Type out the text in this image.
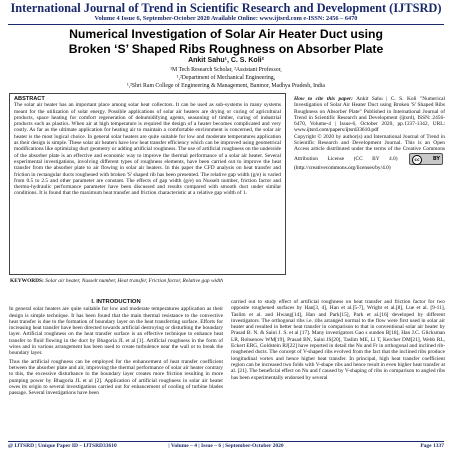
International Journal of Trend in Scientific Research and Development (IJTSRD)
Volume 4 Issue 6, September-October 2020 Available Online: www.ijtsrd.com e-ISSN: 2456 – 6470
Numerical Investigation of Solar Air Heater Duct using
Broken ‘S’ Shaped Ribs Roughness on Absorber Plate
Ankit Sahu¹, C. S. Koli²
¹M Tech Research Scholar, ²Assistant Professor,
¹,²Department of Mechanical Engineering,
¹,²Shri Ram College of Engineering & Management, Banmor, Madhya Pradesh, India
ABSTRACT
The solar air heater has an important place among solar heat collectors. It can be used as sub-systems in many systems meant for the utilization of solar energy. Possible applications of solar air heaters are drying or curing of agricultural products, space heating for comfort regeneration of dehumidifying agents, seasoning of timber, curing of industrial products such as plastics. When air at high temperature is required the design of a heater becomes complicated and very costly. As far as the ultimate application for heating air to maintain a comfortable environment is concerned, the solar air heater is the most logical choice. In general solar heaters are quite suitable for low and moderate temperatures application as their design is simple. These solar air heaters have low heat transfer efficiency which can be improved using geometrical modifications like optimizing duct geometry or adding artificial roughness. The use of artificial roughness on the underside of the absorber plate is an effective and economic way to improve the thermal performance of a solar air heater. Several experimental investigations, involving different types of roughness elements, have been carried out to improve the heat transfer from the absorber plate to air flowing in solar air heaters. In this paper the CFD analysis on heat transfer and friction in rectangular ducts roughened with broken 'S' shaped rib has been presented. The relative gap width (g/e) is varied from 0.5 to 2.5 and other parameter are constant. The effects of gap width (g/e) on Nusselt number, friction factor and thermo-hydraulic performance parameter have been discussed and results compared with smooth duct under similar conditions. It is found that the maximum heat transfer and friction characteristic at a relative gap width of 1.
KEYWORDS: Solar air heater, Nusselt number, Heat transfer, Friction factor, Relative gap width
How to cite this paper: Ankit Sahu | C. S. Koli "Numerical Investigation of Solar Air Heater Duct using Broken 'S' Shaped Ribs Roughness on Absorber Plate" Published in International Journal of Trend in Scientific Research and Development (ijtsrd), ISSN: 2456-6470, Volume-4 | Issue-6, October 2020, pp.1337-1342, URL: www.ijtsrd.com/papers/ijtsrd33610.pdf
Copyright © 2020 by author(s) and International Journal of Trend in Scientific Research and Development Journal. This is an Open Access article distributed under the terms of the Creative Commons Attribution License (CC BY 4.0)	cc	BY
(http://creativecommons.org/licenses/by/4.0)
I. INTRODUCTION

In general solar heaters are quite suitable for low and moderate temperatures application as their design is simple technique. It has been found that the main thermal resistance to the convective heat transfer is due to the formation of boundary layer on the heat transferring surface. Efforts for increasing heat transfer have been directed towards artificial destroying or disturbing the boundary layer. Artificial roughness on the heat transfer surface is an effective technique to enhance heat transfer to fluid flowing in the duct by Bhagoria JL et al [1]. Artificial roughness in the form of wires and in various arrangement has been used to create turbulence near the wall or to break the boundary layer.

Thus the artificial roughness can be employed for the enhancement of heat transfer coefficient between the absorber plate and air, improving the thermal performance of solar air heater contrary to this, the excessive disturbance to the boundary layer creates more friction resulting in more pumping power by Bhagoria JL et al [2]. Application of artificial roughness in solar air heater owes its origin to several investigations carried out for enhancement of cooling of turbine blades passage. Several investigations have been

carried out to study effect of artificial roughness on heat transfer and friction factor for two opposite roughened surfaces by Han[3, 4], Han et al.[5-7], Wright et al.[8], Lue et al. [9-11], Taslim et al. and Hwang[14], Han and Park[15], Park et al.[16] developed by different investigators. The orthogonal ribs i.e. ribs arranged normal to the flow were first used in solar air heater and resulted in better heat transfer in comparison to that in conventional solar air heater by Prasad B. N. & Saini J. S. et al [17]. Many investigators Gao s sunden B[18], Han J.C. Glicksman LR, Rohsenow WM[19], Prasad BN, Saini JS[20], Taslim ME, Li T, Kercher DM[21], Webb RL, Eckert ERG, Goldstein RJ[22] have reported in detail the Nu and Fr in orthogonal and inclined rib-roughened ducts. The concept of V-shaped ribs evolved from the fact that the inclined ribs produce longitudinal vortex and hence higher heat transfer. In principal, high heat transfer coefficient region can be increased two folds with V-shape ribs and hence result in even higher heat transfer at al. [21]. The beneficial effect on Nu and f caused by V-shaping of ribs in comparison to angled ribs has been experimentally endorsed by several

@ IJTSRD | Unique Paper ID – IJTSRD33610	| Volume – 4 | Issue – 6 | September-October 2020	Page 1337
